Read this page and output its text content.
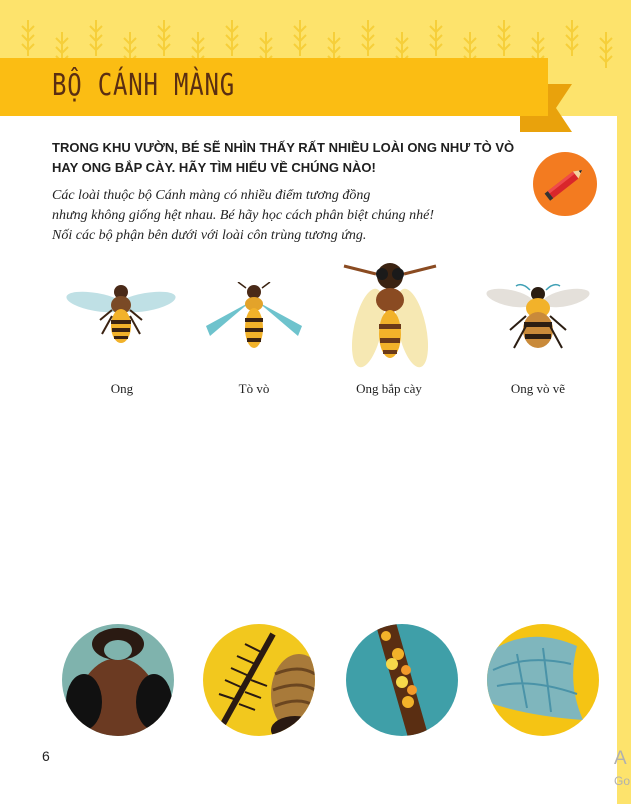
BỘ CÁNH MÀNG
TRONG KHU VƯỜN, BÉ SẼ NHÌN THẤY RẤT NHIỀU LOÀI ONG NHƯ TÒ VÒ HAY ONG BẮP CÀY. HÃY TÌM HIỂU VỀ CHÚNG NÀO!
Các loài thuộc bộ Cánh màng có nhiều điểm tương đồng
nhưng không giống hệt nhau. Bé hãy học cách phân biệt chúng nhé!
Nối các bộ phận bên dưới với loài côn trùng tương ứng.
Ong	Tò vò	Ong bắp cày	Ong vò vẽ
6	A
Go
